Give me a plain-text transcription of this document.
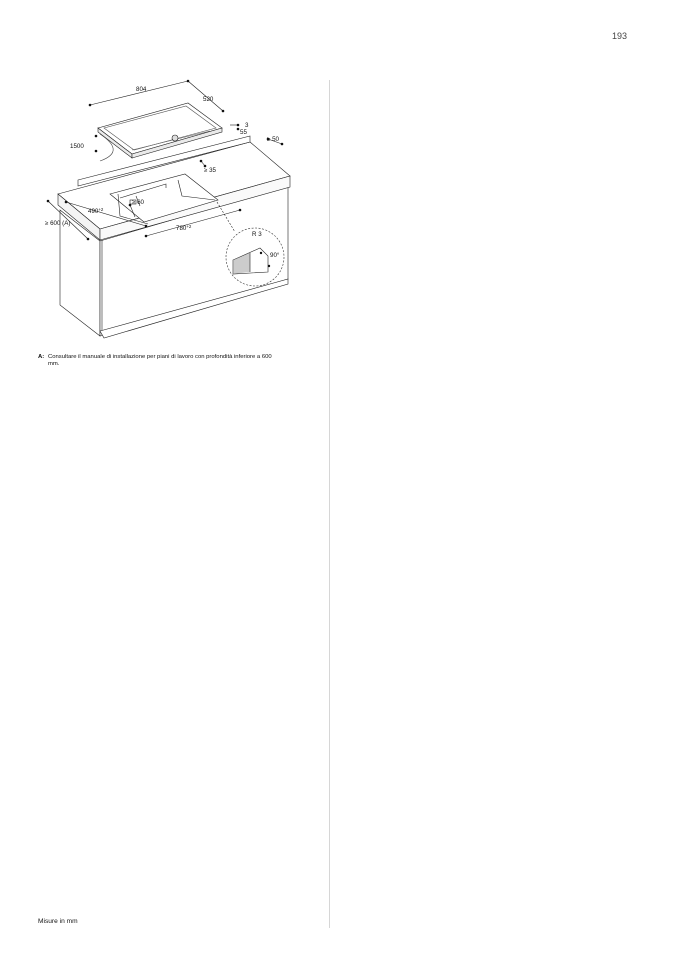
193
804
520
3
55
≥ 50
1500
≥ 35
≥ 60
$490^{+2}$
$780^{+2}$
≥ 600 (A)
R 3
90°
A: Consultare il manuale di installazione per piani di lavoro con profondità inferiore a 600 mm.
Misure in mm
